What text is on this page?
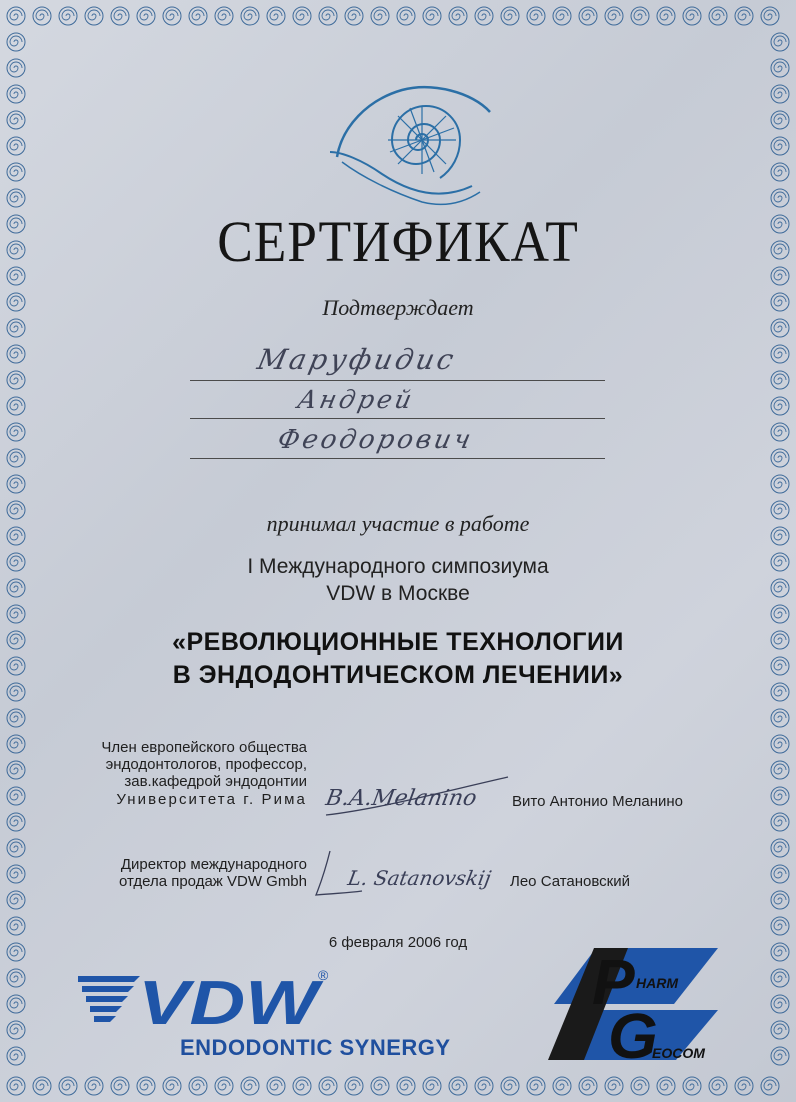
СЕРТИФИКАТ
Подтверждает
Маруфидис
Андрей
Феодорович
принимал участие в работе
I Международного симпозиума
VDW в Москве
«РЕВОЛЮЦИОННЫЕ ТЕХНОЛОГИИ
В ЭНДОДОНТИЧЕСКОМ ЛЕЧЕНИИ»
Член европейского общества
эндодонтологов, профессор,
зав.кафедрой эндодонтии
Университета г. Рима B.A.Melanino Вито Антонио Меланино
Директор международного
отдела продаж VDW Gmbh L. Satanovskij Лео Сатановский
6 февраля 2006 год
VDW
®
ENDODONTIC SYNERGY
P HARM
G
EOCOM
